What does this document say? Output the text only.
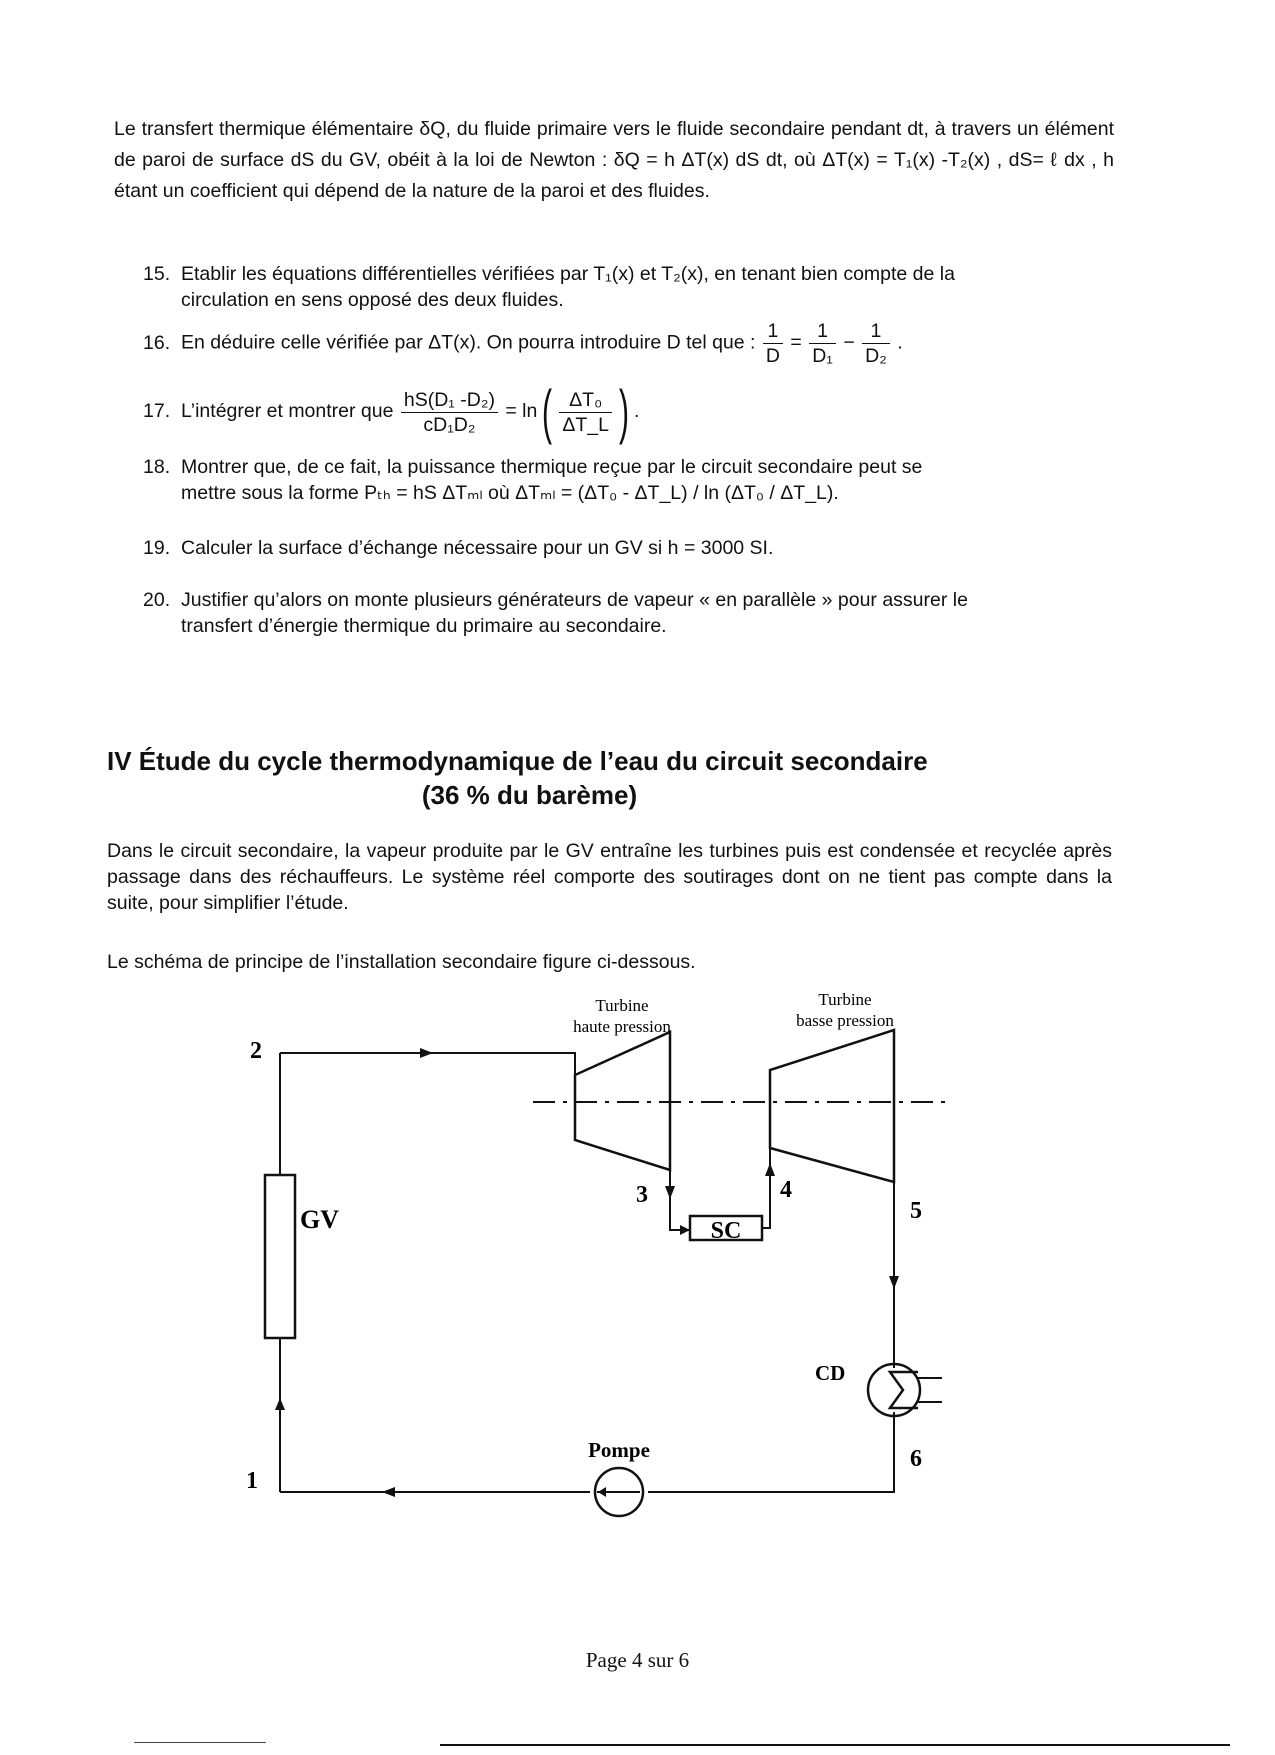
Le transfert thermique élémentaire δQ, du fluide primaire vers le fluide secondaire pendant dt, à travers un élément de paroi de surface dS du GV, obéit à la loi de Newton : δQ = h ΔT(x) dS dt, où ΔT(x) = T₁(x) -T₂(x) , dS= ℓ dx , h étant un coefficient qui dépend de la nature de la paroi et des fluides.
15. Etablir les équations différentielles vérifiées par T₁(x) et T₂(x), en tenant bien compte de la
circulation en sens opposé des deux fluides.
16. En déduire celle vérifiée par ΔT(x). On pourra introduire D tel que : $\frac{1}{D} = \frac{1}{\text{D₁}} - \frac{1}{\text{D₂}}$ .
17. L’intégrer et montrer que $\frac{\text{hS(D₁ -D₂)}}{\text{cD₁D₂}} = \ln( \frac{\text{ΔT₀}}{\Delta T\_L}$ ) .
18. Montrer que, de ce fait, la puissance thermique reçue par le circuit secondaire peut se
mettre sous la forme Pₜₕ = hS ΔTₘₗ où ΔTₘₗ = (ΔT₀ - ΔT_L) / ln (ΔT₀ / ΔT_L).
19. Calculer la surface d’échange nécessaire pour un GV si h = 3000 SI.
20. Justifier qu’alors on monte plusieurs générateurs de vapeur « en parallèle » pour assurer le
transfert d’énergie thermique du primaire au secondaire.
IV Étude du cycle thermodynamique de l’eau du circuit secondaire
(36 % du barème)
Dans le circuit secondaire, la vapeur produite par le GV entraîne les turbines puis est condensée et recyclée après passage dans des réchauffeurs. Le système réel comporte des soutirages dont on ne tient pas compte dans la suite, pour simplifier l’étude.
Le schéma de principe de l’installation secondaire figure ci-dessous.
Turbine
haute pression
Turbine
basse pression
GV	SC
CD
Pompe
1
2
3	4
5
6
Page 4 sur 6
